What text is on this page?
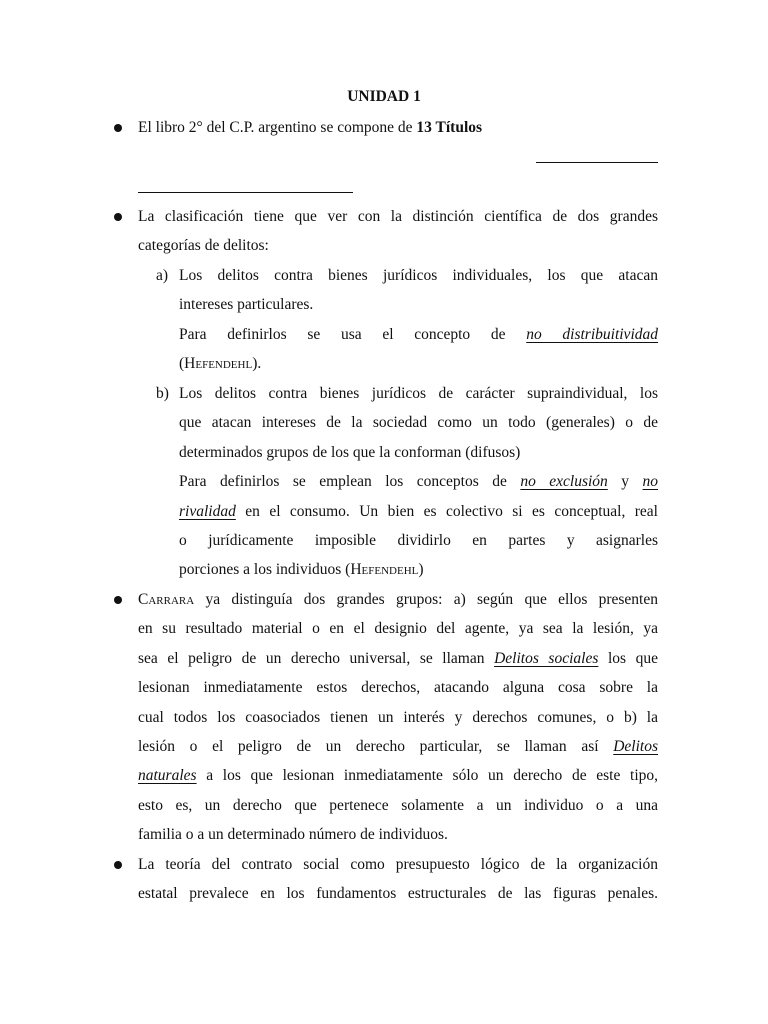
UNIDAD 1
El libro 2° del C.P. argentino se compone de 13 Títulos
La clasificación tiene que ver con la distinción científica de dos grandes
categorías de delitos:
a) Los delitos contra bienes jurídicos individuales, los que atacan
intereses particulares.
Para definirlos se usa el concepto de no distribuitividad
(Hefendehl).
b) Los delitos contra bienes jurídicos de carácter supraindividual, los
que atacan intereses de la sociedad como un todo (generales) o de
determinados grupos de los que la conforman (difusos)
Para definirlos se emplean los conceptos de no exclusión y no
rivalidad en el consumo. Un bien es colectivo si es conceptual, real
o jurídicamente imposible dividirlo en partes y asignarles
porciones a los individuos (Hefendehl)
Carrara ya distinguía dos grandes grupos: a) según que ellos presenten
en su resultado material o en el designio del agente, ya sea la lesión, ya
sea el peligro de un derecho universal, se llaman Delitos sociales los que
lesionan inmediatamente estos derechos, atacando alguna cosa sobre la
cual todos los coasociados tienen un interés y derechos comunes, o b) la
lesión o el peligro de un derecho particular, se llaman así Delitos
naturales a los que lesionan inmediatamente sólo un derecho de este tipo,
esto es, un derecho que pertenece solamente a un individuo o a una
familia o a un determinado número de individuos.
La teoría del contrato social como presupuesto lógico de la organización
estatal prevalece en los fundamentos estructurales de las figuras penales.
